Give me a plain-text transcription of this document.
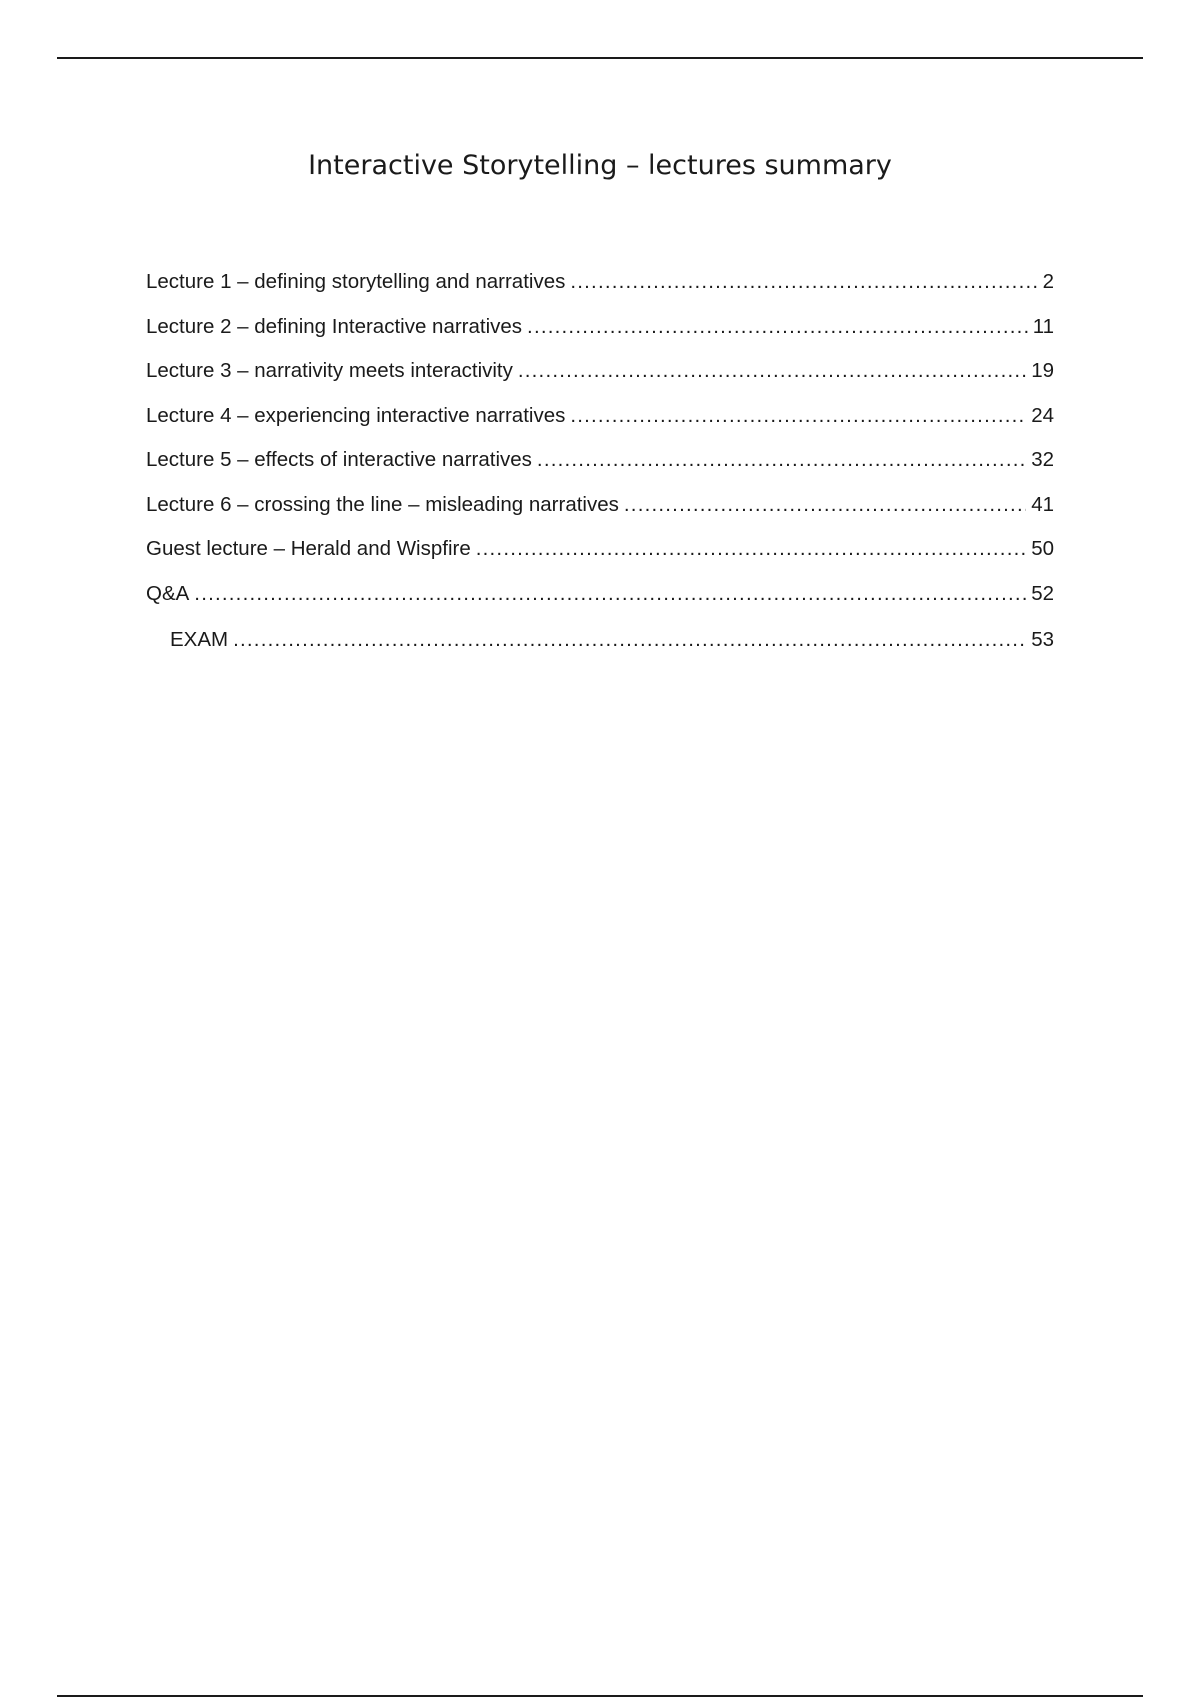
Interactive Storytelling – lectures summary
Lecture 1 – defining storytelling and narratives .....	2
Lecture 2 – defining Interactive narratives .....	11
Lecture 3 – narrativity meets interactivity .....	19
Lecture 4 – experiencing interactive narratives .....	24
Lecture 5 – effects of interactive narratives .....	32
Lecture 6 – crossing the line – misleading narratives .....	41
Guest lecture – Herald and Wispfire .....	50
Q&A .....	52
EXAM .....	53
